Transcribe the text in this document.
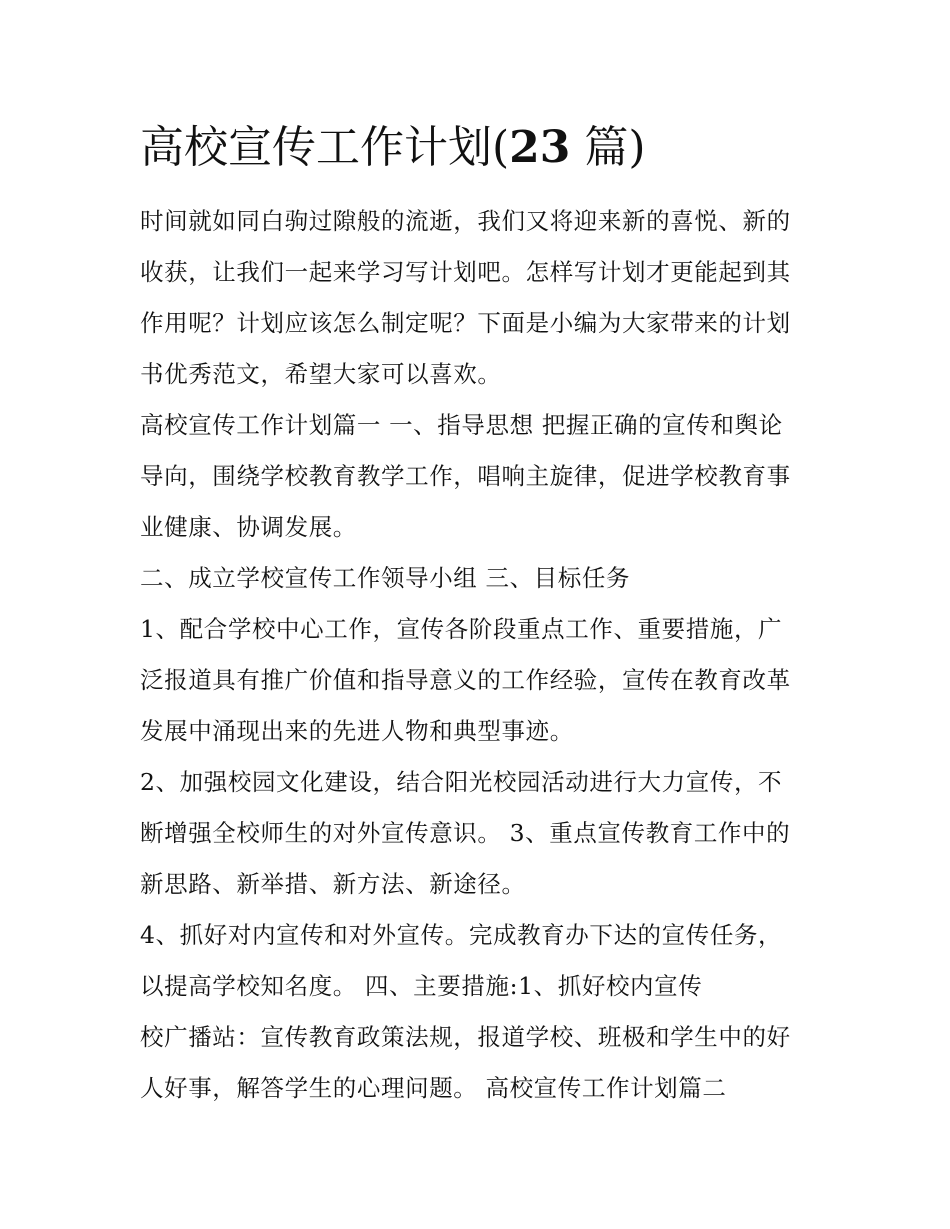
高校宣传工作计划(23 篇)

时间就如同白驹过隙般的流逝，我们又将迎来新的喜悦、新的
收获，让我们一起来学习写计划吧。怎样写计划才更能起到其
作用呢？计划应该怎么制定呢？下面是小编为大家带来的计划
书优秀范文，希望大家可以喜欢。

高校宣传工作计划篇一 一、指导思想 把握正确的宣传和舆论
导向，围绕学校教育教学工作，唱响主旋律，促进学校教育事
业健康、协调发展。

二、成立学校宣传工作领导小组 三、目标任务

1、配合学校中心工作，宣传各阶段重点工作、重要措施，广
泛报道具有推广价值和指导意义的工作经验，宣传在教育改革
发展中涌现出来的先进人物和典型事迹。

2、加强校园文化建设，结合阳光校园活动进行大力宣传，不
断增强全校师生的对外宣传意识。 3、重点宣传教育工作中的
新思路、新举措、新方法、新途径。

4、抓好对内宣传和对外宣传。完成教育办下达的宣传任务，
以提高学校知名度。 四、主要措施:1、抓好校内宣传

校广播站：宣传教育政策法规，报道学校、班极和学生中的好
人好事，解答学生的心理问题。 高校宣传工作计划篇二
